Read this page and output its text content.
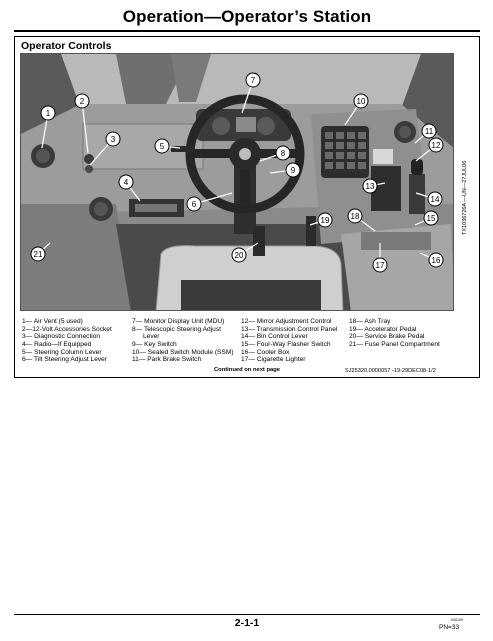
Operation—Operator’s Station
Operator Controls
1
2
3
4
5
6
7
8
9
10
11
12
13
14
15
16
17
18
19
20
21
TX1036726A —UN—27JUL06
1— Air Vent (5 used)
2—12-Volt Accessories Socket
3— Diagnostic Connection
4— Radio—If Equipped
5— Steering Column Lever
6— Tilt Steering Adjust Lever
7— Monitor Display Unit (MDU)
8— Telescopic Steering Adjust
Lever
9— Key Switch
10— Sealed Switch Module (SSM)
11— Park Brake Switch
12— Mirror Adjustment Control
13— Transmission Control Panel
14— Bin Control Lever
15— Four-Way Flasher Switch
16— Cooler Box
17— Cigarette Lighter
18— Ash Tray
19— Accelerator Pedal
20— Service Brake Pedal
21— Fuse Panel Compartment
Continued on next page	SJ25320,0000057 -19-29DEC08-1/2
2-1-1	040109
PN=33
